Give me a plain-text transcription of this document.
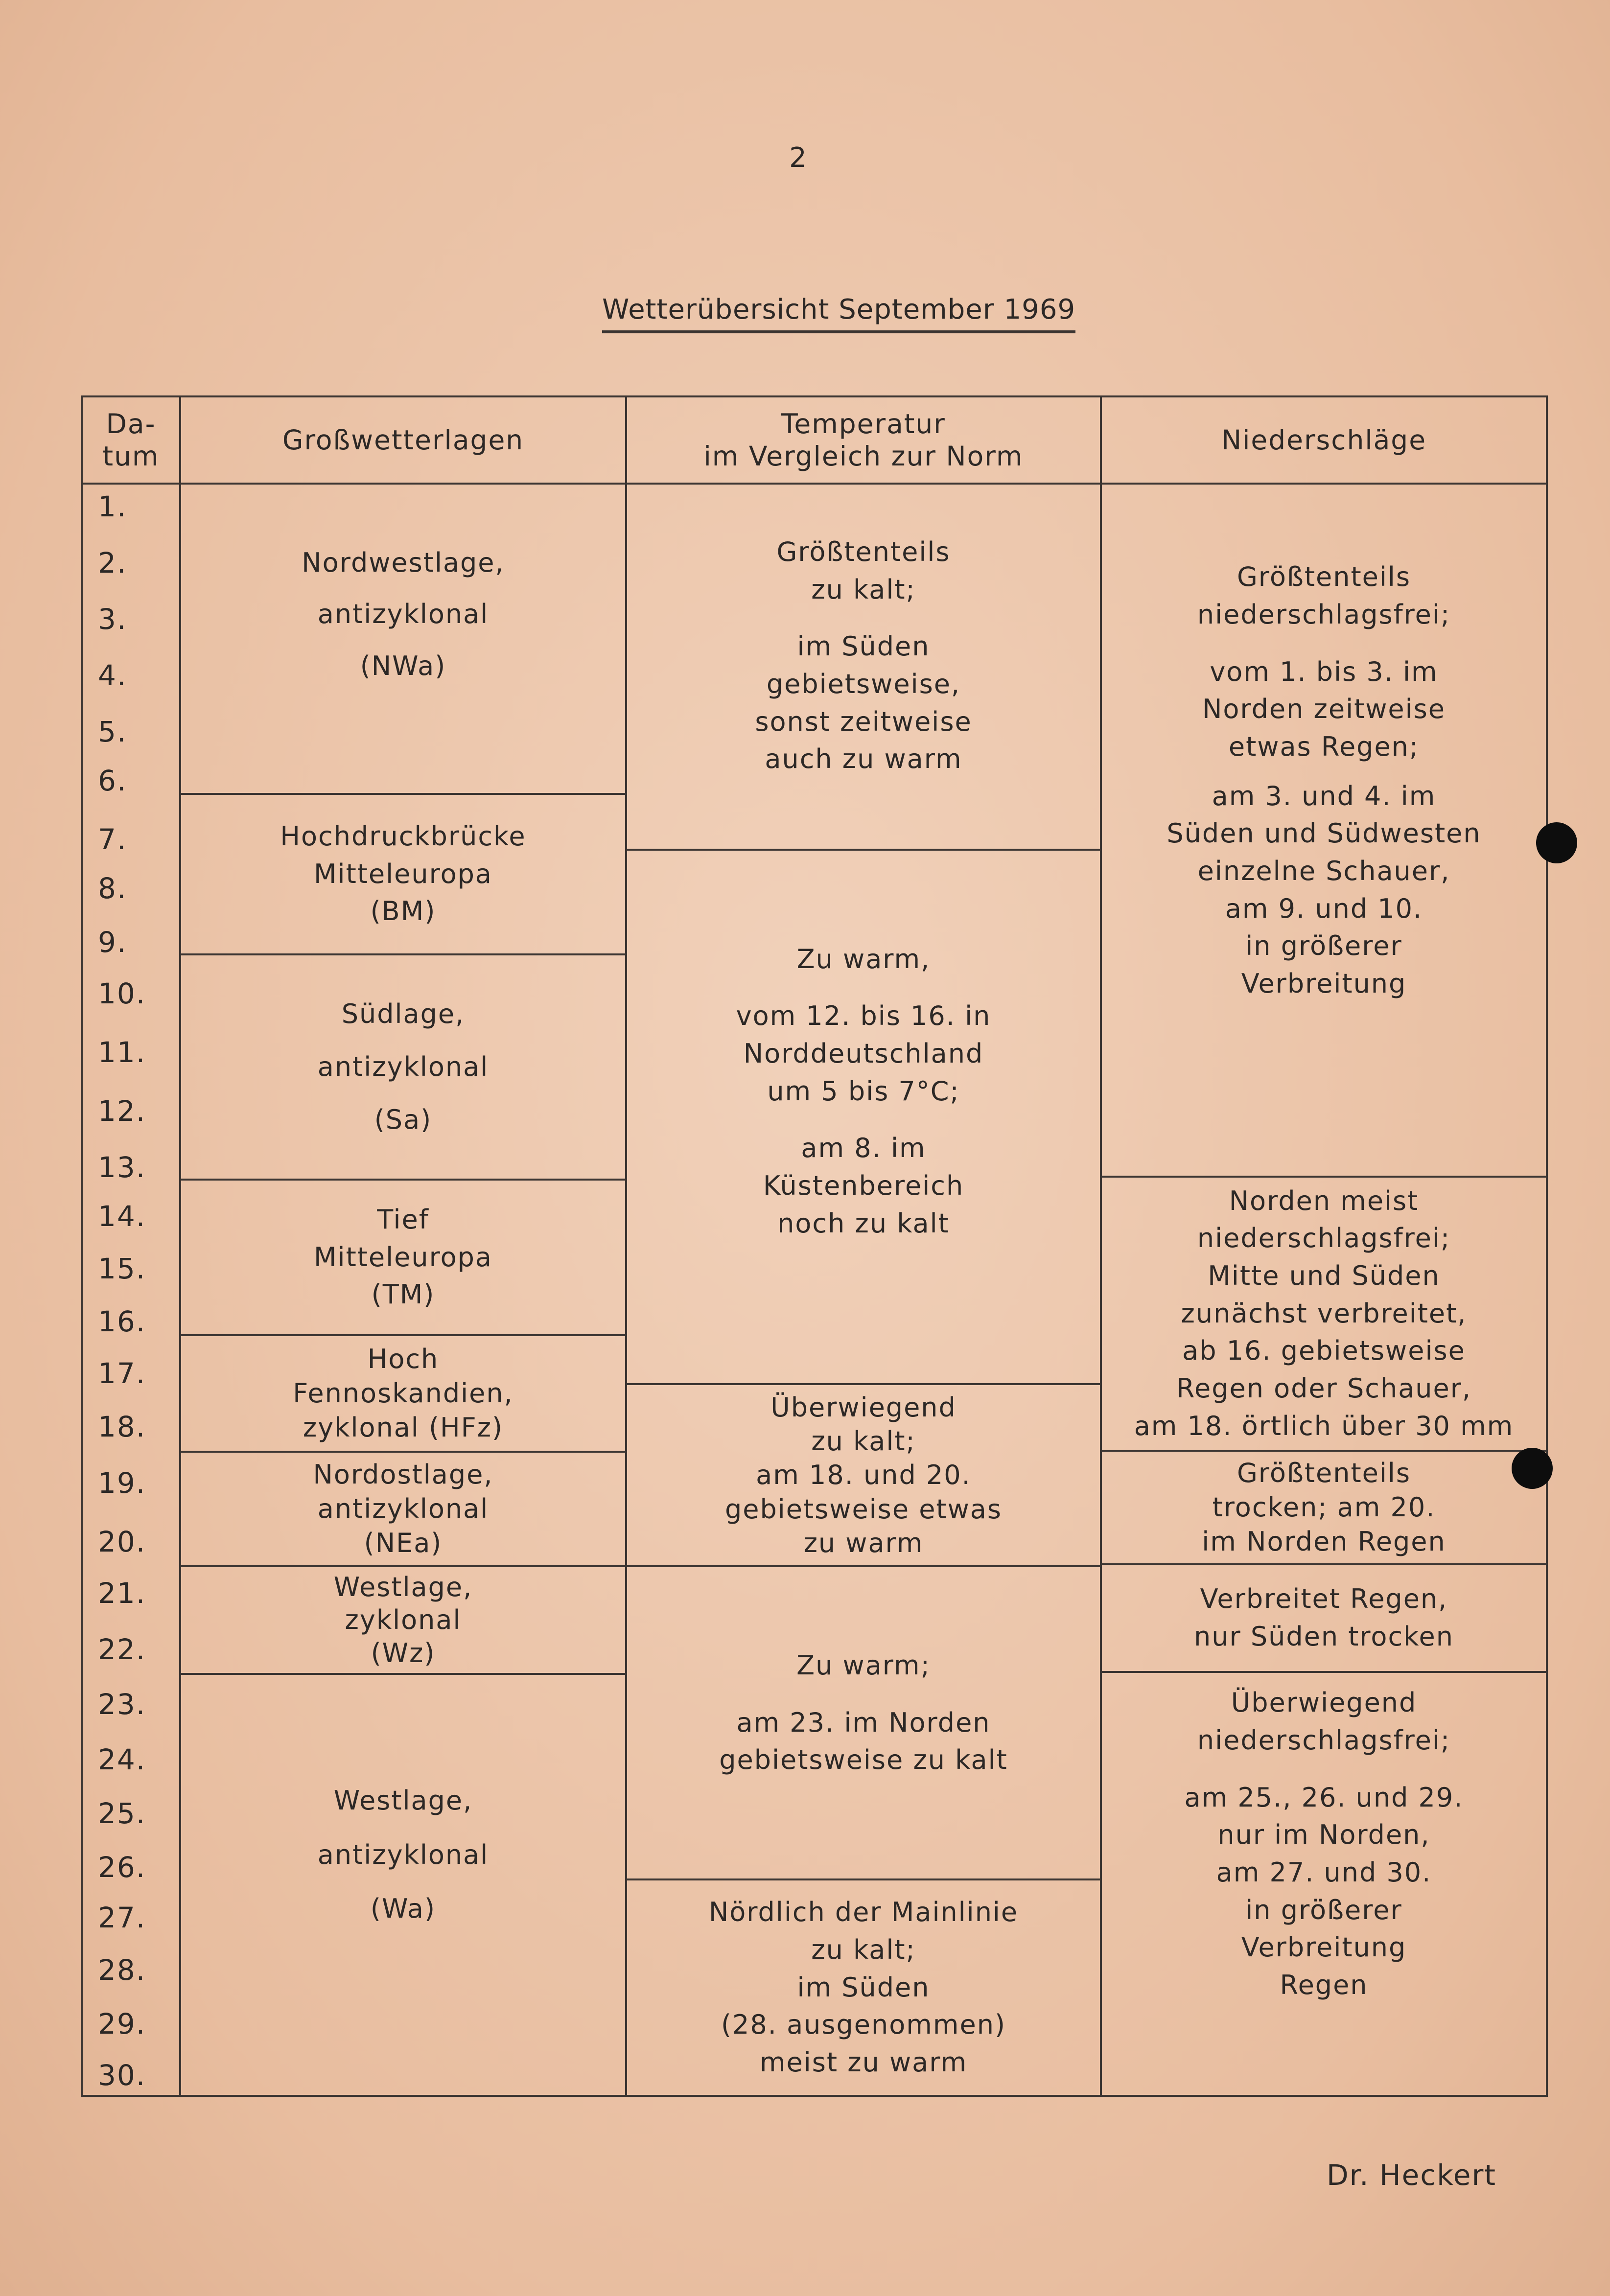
2
Wetterübersicht September 1969
Da-
tum
Großwetterlagen
Temperatur
im Vergleich zur Norm
Niederschläge
1.
2.
3.
4.
5.
6.
7.
8.
9.
10.
11.
12.
13.
14.
15.
16.
17.
18.
19.
20.
21.
22.
23.
24.
25.
26.
27.
28.
29.
30.
Nordwestlage,
antizyklonal
(NWa)
Hochdruckbrücke
Mitteleuropa
(BM)
Südlage,
antizyklonal
(Sa)
Tief
Mitteleuropa
(TM)
Hoch
Fennoskandien,
zyklonal (HFz)
Nordostlage,
antizyklonal
(NEa)
Westlage,
zyklonal
(Wz)
Westlage,
antizyklonal
(Wa)
Größtenteils
zu kalt;
im Süden
gebietsweise,
sonst zeitweise
auch zu warm
Zu warm,
vom 12. bis 16. in
Norddeutschland
um 5 bis 7°C;
am 8. im
Küstenbereich
noch zu kalt
Überwiegend
zu kalt;
am 18. und 20.
gebietsweise etwas
zu warm
Zu warm;
am 23. im Norden
gebietsweise zu kalt
Nördlich der Mainlinie
zu kalt;
im Süden
(28. ausgenommen)
meist zu warm
Größtenteils
niederschlagsfrei;
vom 1. bis 3. im
Norden zeitweise
etwas Regen;
am 3. und 4. im
Süden und Südwesten
einzelne Schauer,
am 9. und 10.
in größerer
Verbreitung
Norden meist
niederschlagsfrei;
Mitte und Süden
zunächst verbreitet,
ab 16. gebietsweise
Regen oder Schauer,
am 18. örtlich über 30 mm
Größtenteils
trocken; am 20.
im Norden Regen
Verbreitet Regen,
nur Süden trocken
Überwiegend
niederschlagsfrei;
am 25., 26. und 29.
nur im Norden,
am 27. und 30.
in größerer
Verbreitung
Regen
Dr. Heckert
